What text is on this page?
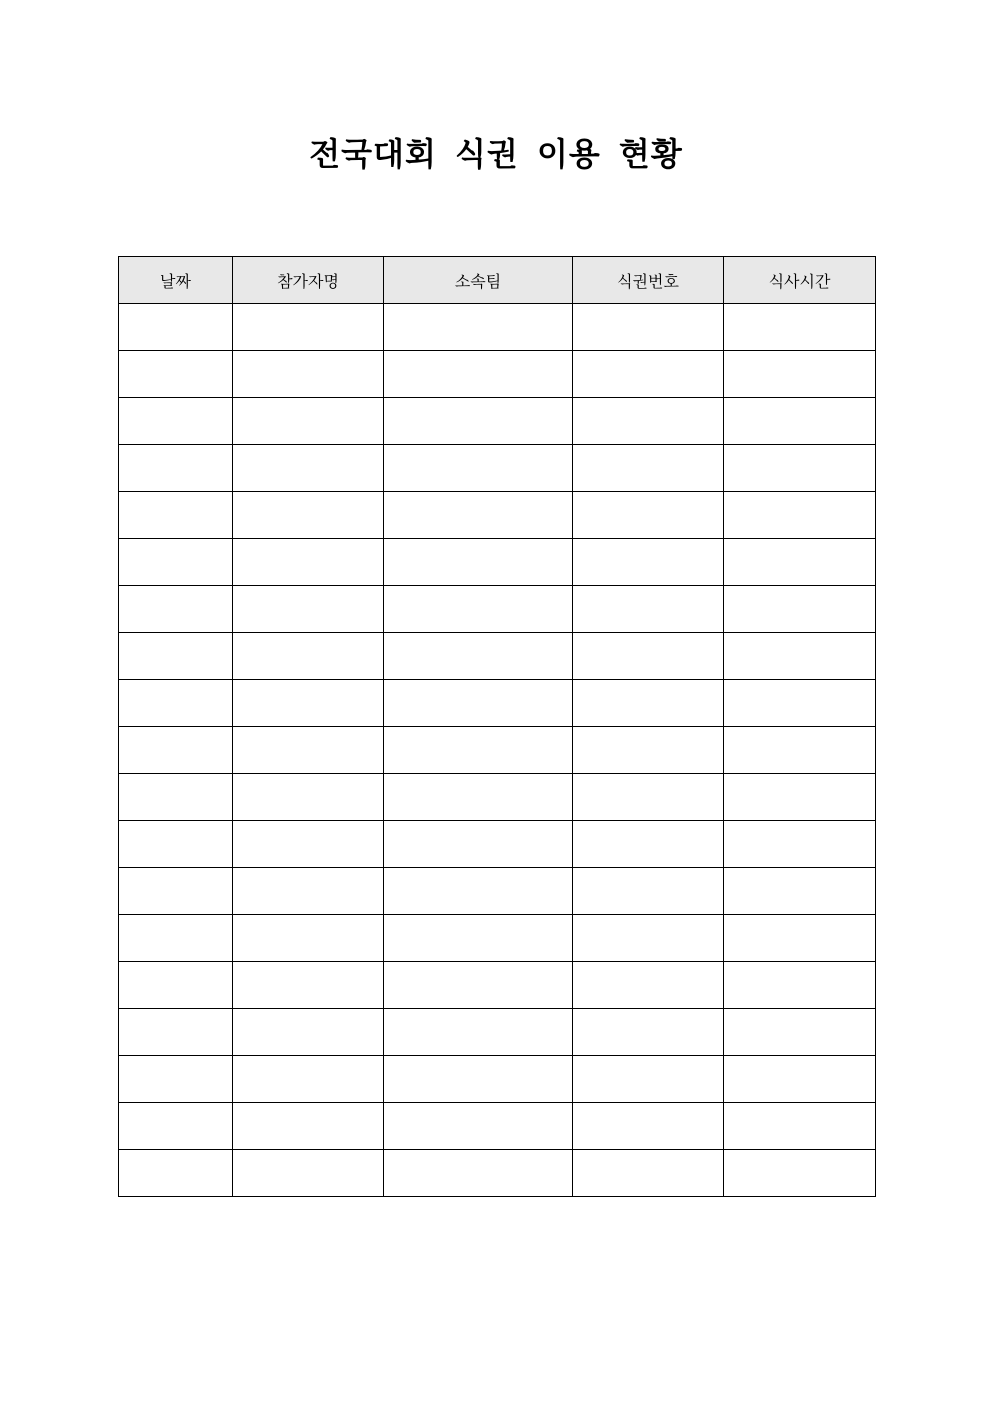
전국대회 식권 이용 현황
날짜	참가자명	소속팀	식권번호	식사시간
